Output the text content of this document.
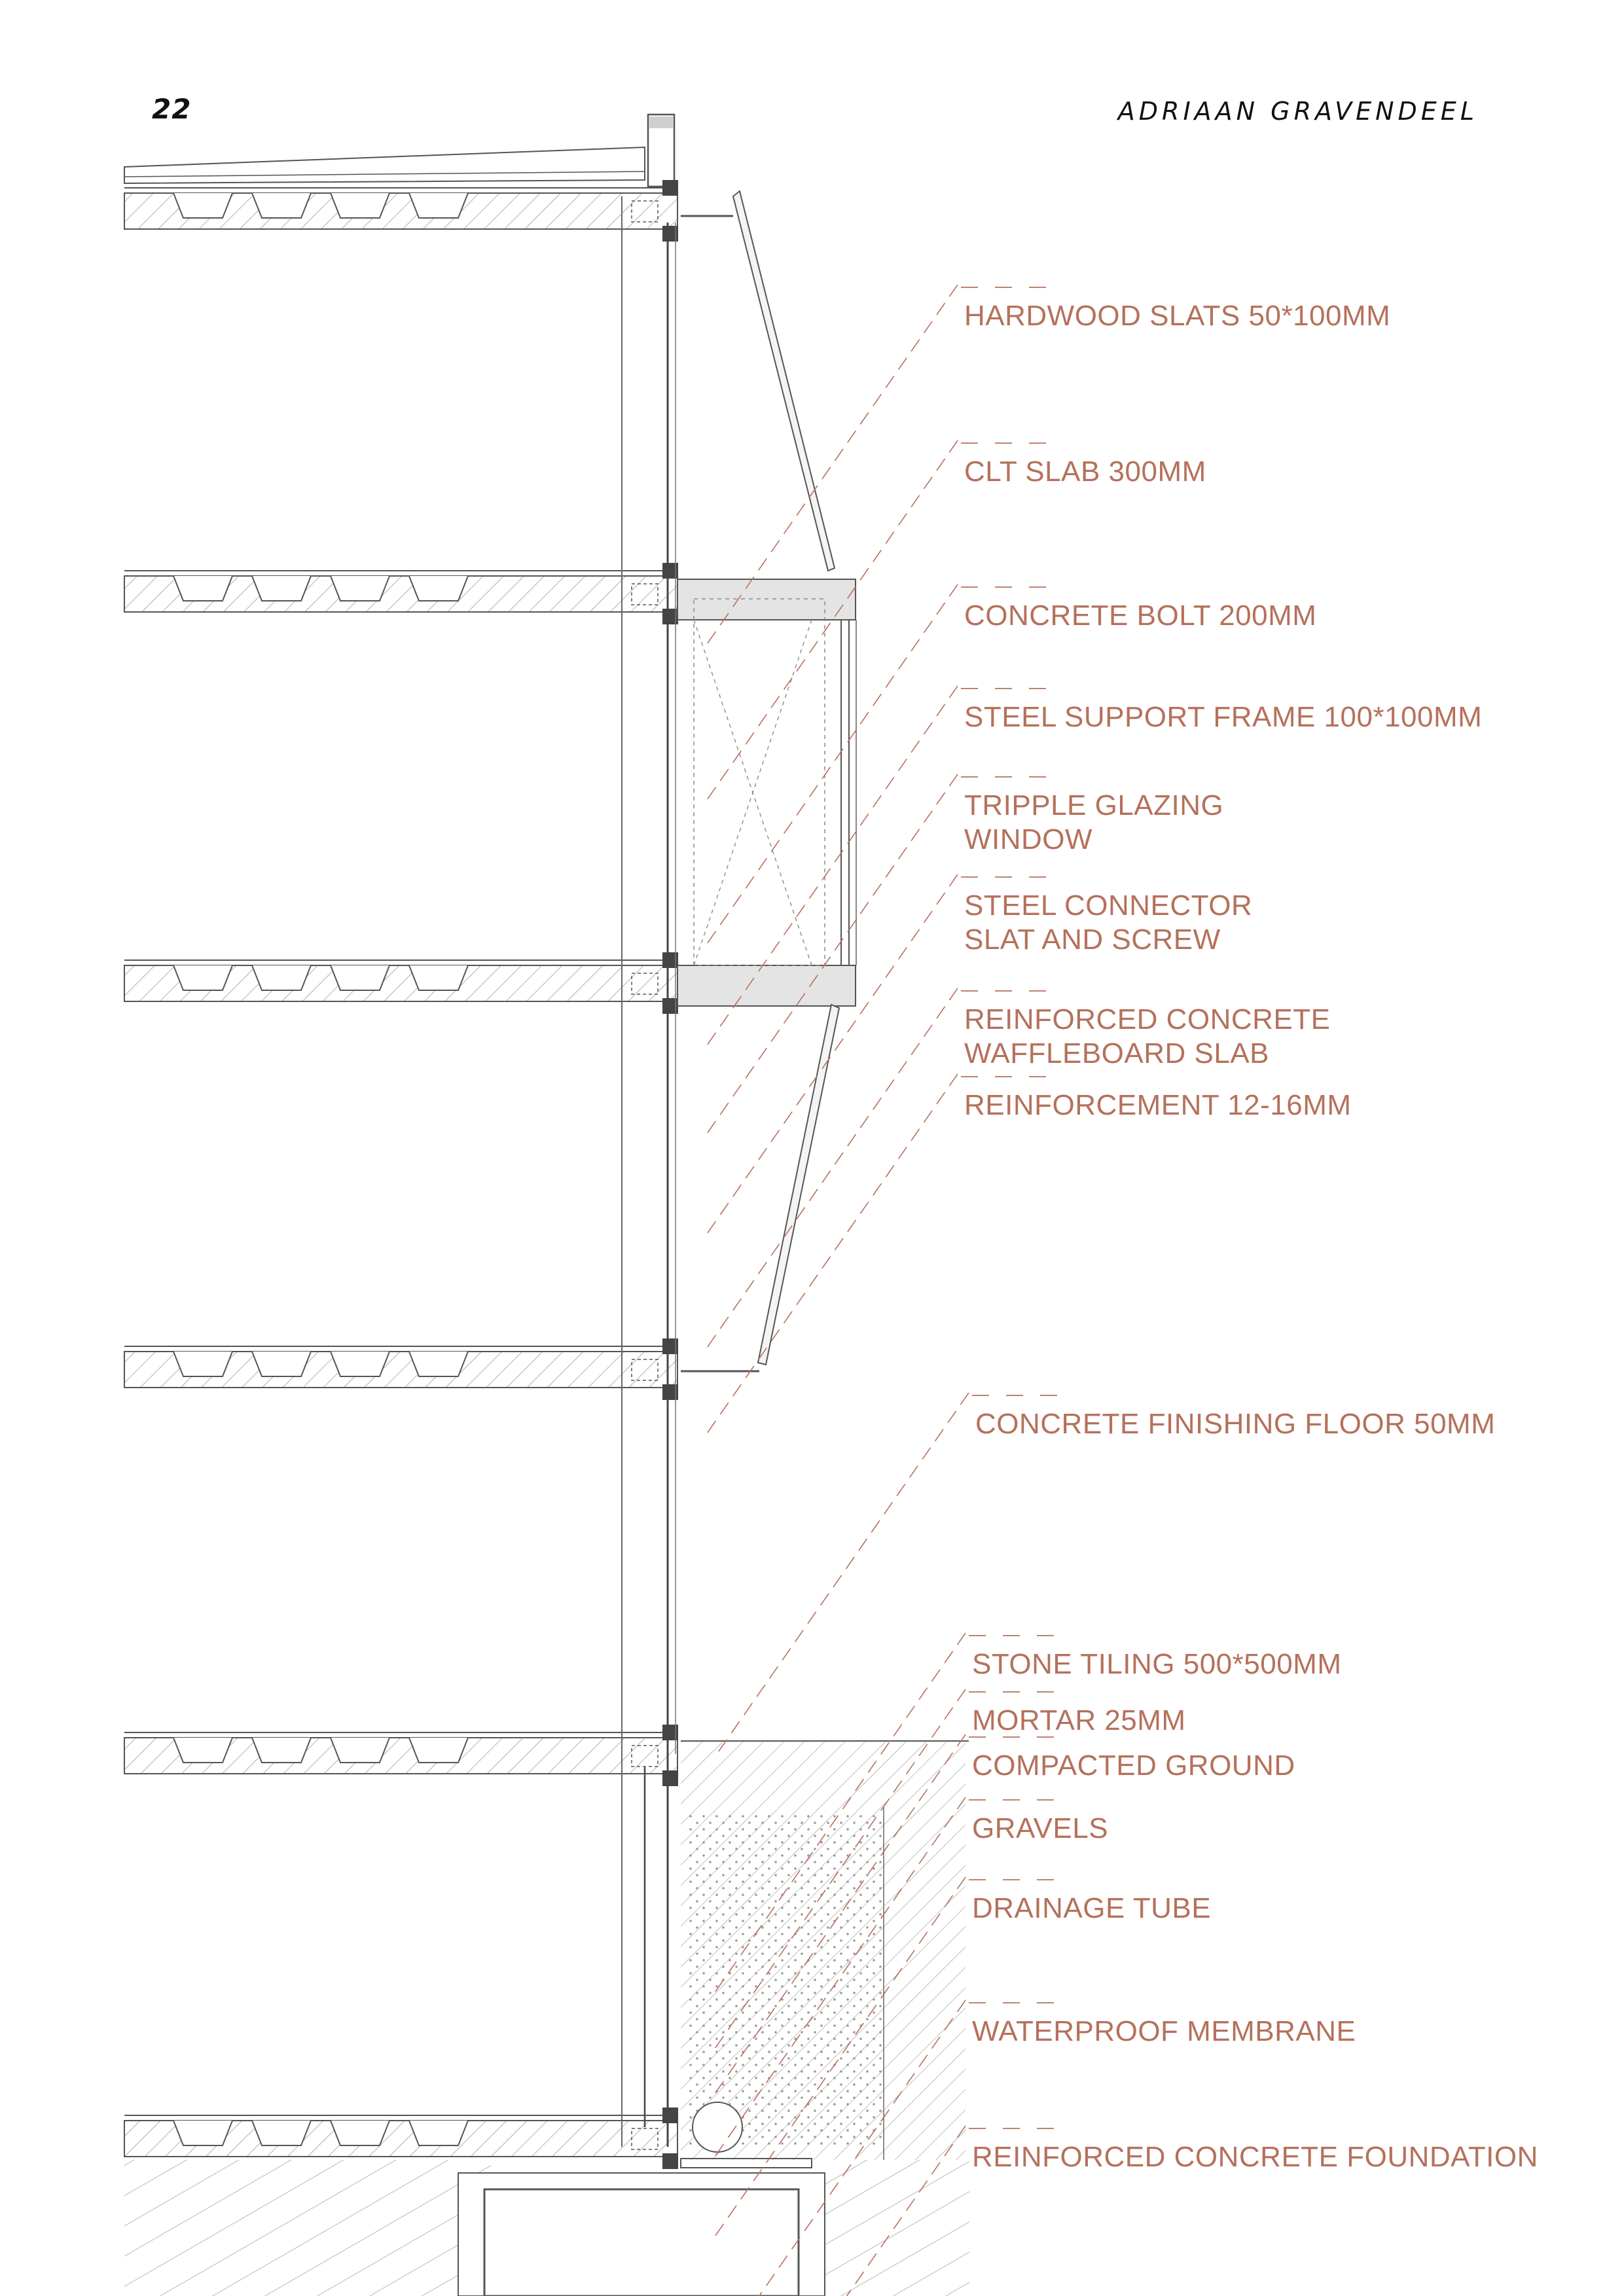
22	ADRIAAN GRAVENDEEL
HARDWOOD SLATS 50*100MM
CLT SLAB 300MM
CONCRETE BOLT 200MM
STEEL SUPPORT FRAME 100*100MM
TRIPPLE GLAZING
WINDOW
STEEL CONNECTOR
SLAT AND SCREW
REINFORCED CONCRETE
WAFFLEBOARD SLAB
REINFORCEMENT 12-16MM
CONCRETE FINISHING FLOOR 50MM
STONE TILING 500*500MM
MORTAR 25MM
COMPACTED GROUND
GRAVELS
DRAINAGE TUBE
WATERPROOF MEMBRANE
REINFORCED CONCRETE FOUNDATION
